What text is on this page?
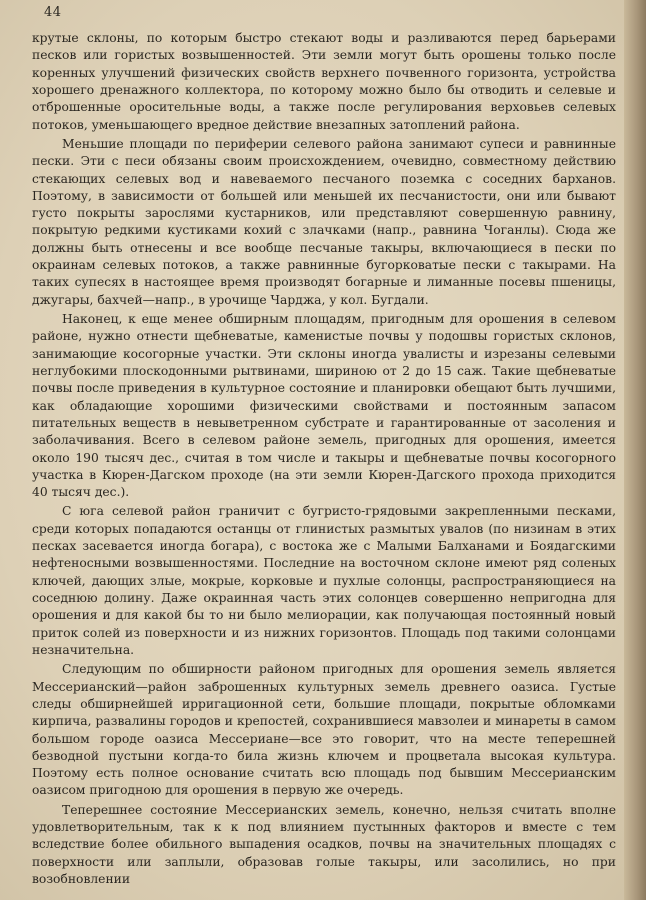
44

крутые склоны, по которым быстро стекают воды и разливаются перед барьерами песков или гористых возвышенностей. Эти земли могут быть орошены только после коренных улучшений физических свойств верхнего почвенного горизонта, устройства хорошего дренажного коллектора, по которому можно было бы отводить и селевые и отброшенные оросительные воды, а также после регулирования верховьев селевых потоков, уменьшающего вредное действие внезапных затоплений района.

Меньшие площади по периферии селевого района занимают супеси и равнинные пески. Эти с песи обязаны своим происхождением, очевидно, совместному действию стекающих селевых вод и навеваемого песчаного поземка с соседних барханов. Поэтому, в зависимости от большей или меньшей их песчанистости, они или бывают густо покрыты зарослями кустарников, или представляют совершенную равнину, покрытую редкими кустиками кохий с злачками (напр., равнина Чоганлы). Сюда же должны быть отнесены и все вообще песчаные такыры, включающиеся в пески по окраинам селевых потоков, а также равнинные бугорковатые пески с такырами. На таких супесях в настоящее время производят богарные и лиманные посевы пшеницы, джугары, бахчей—напр., в урочище Чарджа, у кол. Бугдали.

Наконец, к еще менее обширным площадям, пригодным для орошения в селевом районе, нужно отнести щебневатые, каменистые почвы у подошвы гористых склонов, занимающие косогорные участки. Эти склоны иногда увалисты и изрезаны селевыми неглубокими плоскодонными рытвинами, шириною от 2 до 15 саж. Такие щебневатые почвы после приведения в культурное состояние и планировки обещают быть лучшими, как обладающие хорошими физическими свойствами и постоянным запасом питательных веществ в невыветренном субстрате и гарантированные от засоления и заболачивания. Всего в селевом районе земель, пригодных для орошения, имеется около 190 тысяч дес., считая в том числе и такыры и щебневатые почвы косогорного участка в Кюрен-Дагском проходе (на эти земли Кюрен-Дагского прохода приходится 40 тысяч дес.).

С юга селевой район граничит с бугристо-грядовыми закрепленными песками, среди которых попадаются останцы от глинистых размытых увалов (по низинам в этих песках засевается иногда богара), с востока же с Малыми Балханами и Боядагскими нефтеносными возвышенностями. Последние на восточном склоне имеют ряд соленых ключей, дающих злые, мокрые, корковые и пухлые солонцы, распространяющиеся на соседнюю долину. Даже окраинная часть этих солонцев совершенно непригодна для орошения и для какой бы то ни было мелиорации, как получающая постоянный новый приток солей из поверхности и из нижних горизонтов. Площадь под такими солонцами незначительна.

Следующим по обширности районом пригодных для орошения земель является Мессерианский—район заброшенных культурных земель древнего оазиса. Густые следы обширнейшей ирригационной сети, большие площади, покрытые обломками кирпича, развалины городов и крепостей, сохранившиеся мавзолеи и минареты в самом большом городе оазиса Мессериане—все это говорит, что на месте теперешней безводной пустыни когда-то била жизнь ключем и процветала высокая культура. Поэтому есть полное основание считать всю площадь под бывшим Мессерианским оазисом пригодною для орошения в первую же очередь.

Теперешнее состояние Мессерианских земель, конечно, нельзя считать вполне удовлетворительным, так к к под влиянием пустынных факторов и вместе с тем вследствие более обильного выпадения осадков, почвы на значительных площадях с поверхности или заплыли, образовав голые такыры, или засолились, но при возобновлении
